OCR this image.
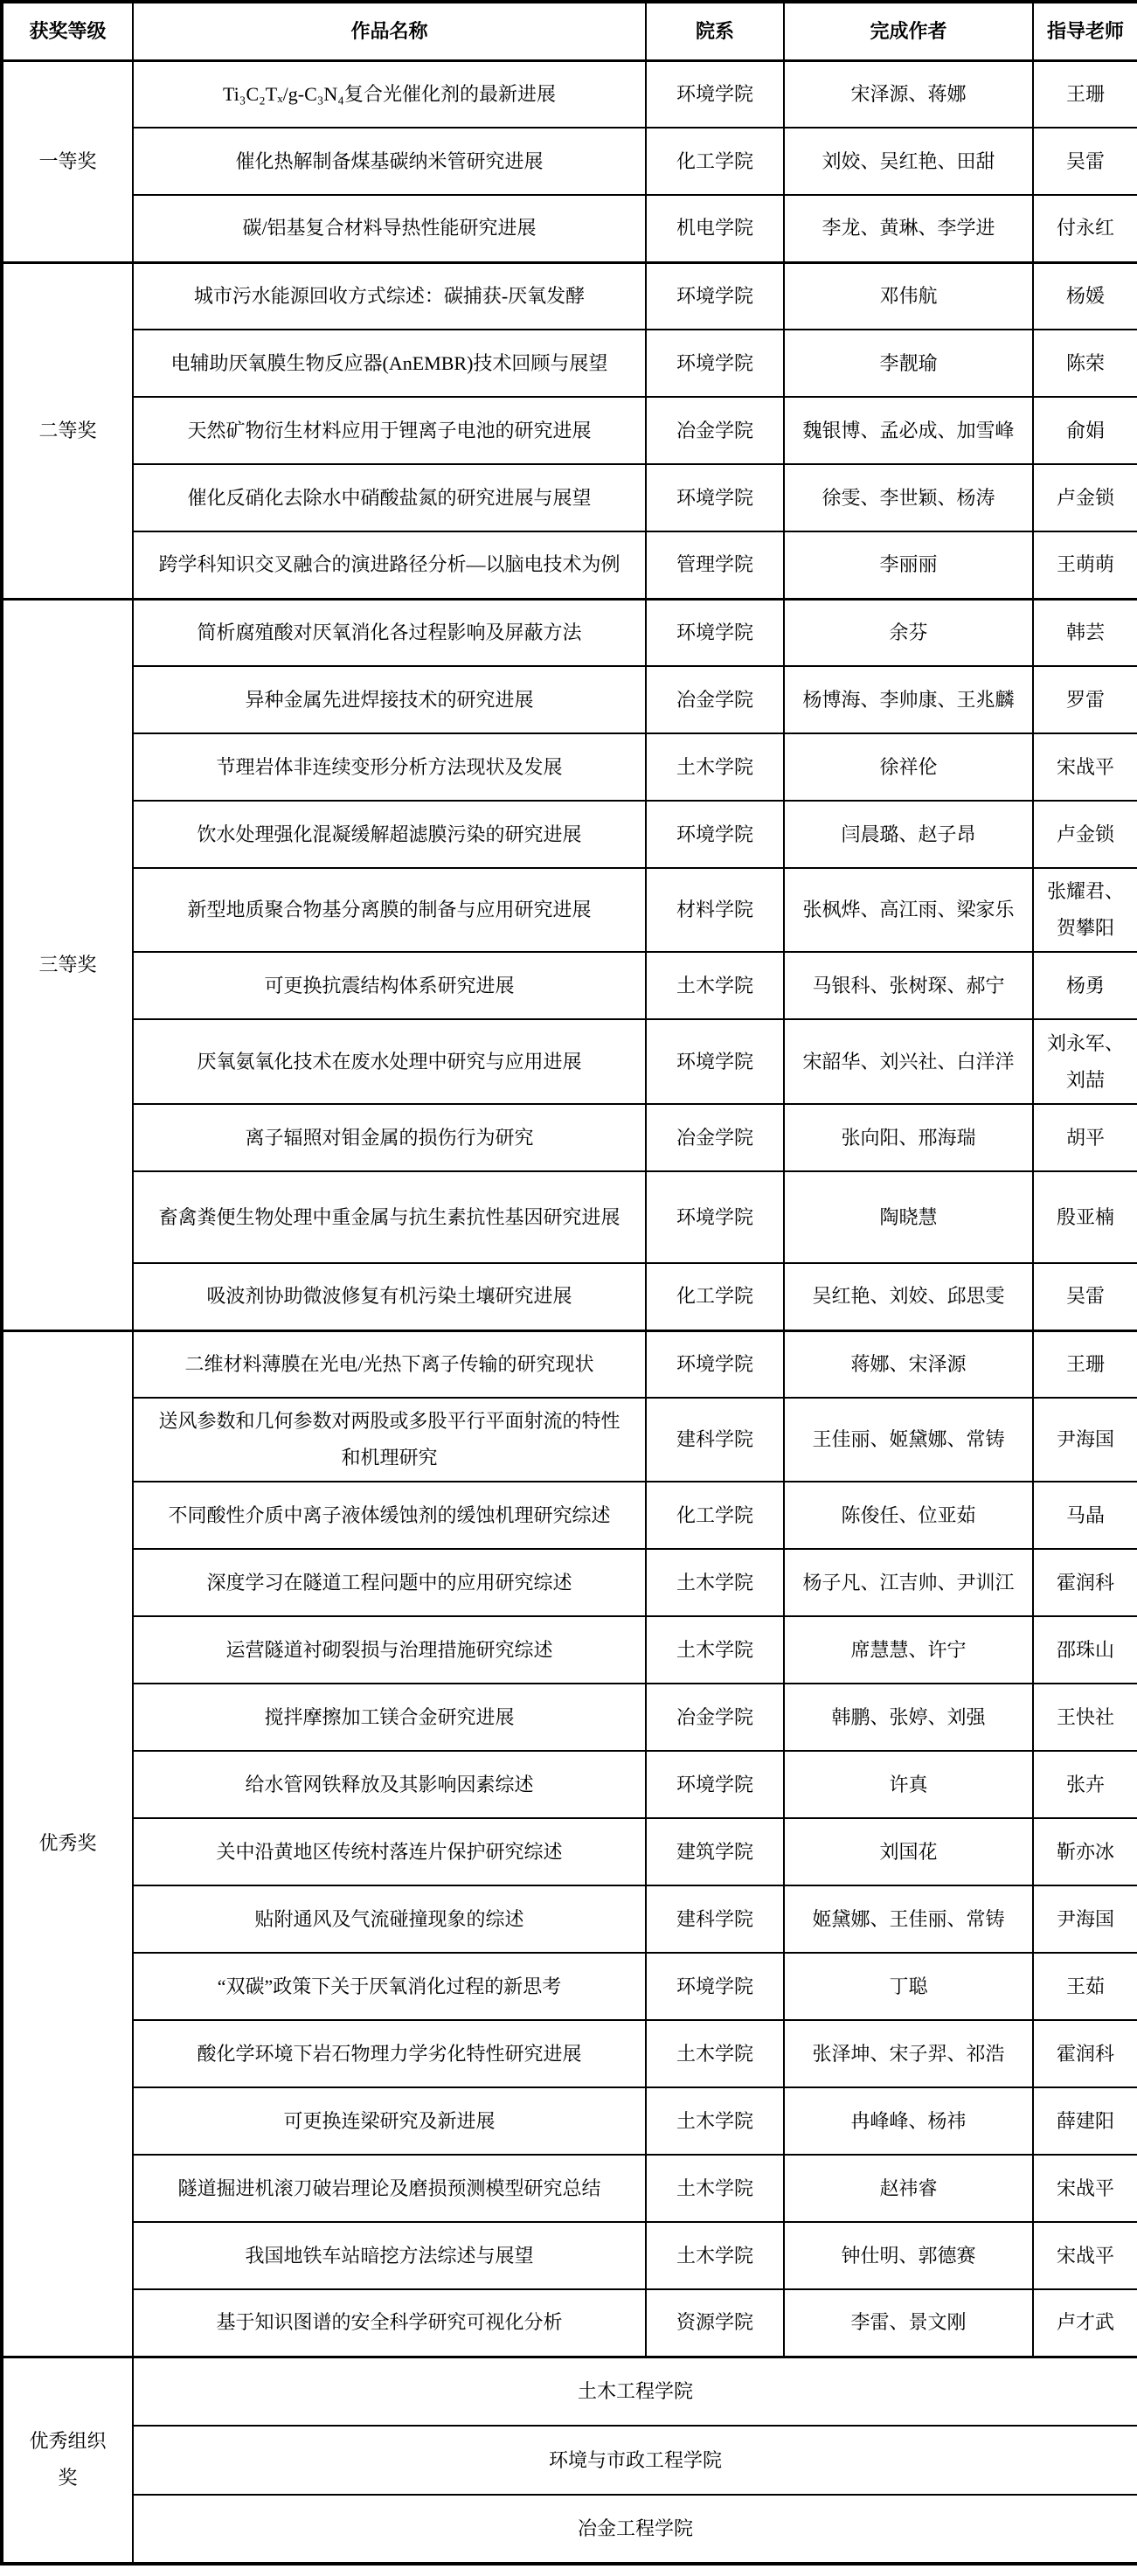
获奖等级	作品名称	院系	完成作者	指导老师
一等奖	Ti₃C₂Tₓ/g-C₃N₄复合光催化剂的最新进展	环境学院	宋泽源、蒋娜	王珊
	催化热解制备煤基碳纳米管研究进展	化工学院	刘姣、吴红艳、田甜	吴雷
	碳/铝基复合材料导热性能研究进展	机电学院	李龙、黄琳、李学进	付永红
二等奖	城市污水能源回收方式综述：碳捕获-厌氧发酵	环境学院	邓伟航	杨媛
	电辅助厌氧膜生物反应器(AnEMBR)技术回顾与展望	环境学院	李靓瑜	陈荣
	天然矿物衍生材料应用于锂离子电池的研究进展	冶金学院	魏银博、孟必成、加雪峰	俞娟
	催化反硝化去除水中硝酸盐氮的研究进展与展望	环境学院	徐雯、李世颖、杨涛	卢金锁
	跨学科知识交叉融合的演进路径分析—以脑电技术为例	管理学院	李丽丽	王萌萌
三等奖	简析腐殖酸对厌氧消化各过程影响及屏蔽方法	环境学院	余芬	韩芸
	异种金属先进焊接技术的研究进展	冶金学院	杨博海、李帅康、王兆麟	罗雷
	节理岩体非连续变形分析方法现状及发展	土木学院	徐祥伦	宋战平
	饮水处理强化混凝缓解超滤膜污染的研究进展	环境学院	闫晨璐、赵子昂	卢金锁
	新型地质聚合物基分离膜的制备与应用研究进展	材料学院	张枫烨、高江雨、梁家乐	张耀君、贺攀阳
	可更换抗震结构体系研究进展	土木学院	马银科、张树琛、郝宁	杨勇
	厌氧氨氧化技术在废水处理中研究与应用进展	环境学院	宋韶华、刘兴社、白洋洋	刘永军、刘喆
	离子辐照对钼金属的损伤行为研究	冶金学院	张向阳、邢海瑞	胡平
	畜禽粪便生物处理中重金属与抗生素抗性基因研究进展	环境学院	陶晓慧	殷亚楠
	吸波剂协助微波修复有机污染土壤研究进展	化工学院	吴红艳、刘姣、邱思雯	吴雷
优秀奖	二维材料薄膜在光电/光热下离子传输的研究现状	环境学院	蒋娜、宋泽源	王珊
	送风参数和几何参数对两股或多股平行平面射流的特性和机理研究	建科学院	王佳丽、姬黛娜、常铸	尹海国
	不同酸性介质中离子液体缓蚀剂的缓蚀机理研究综述	化工学院	陈俊任、位亚茹	马晶
	深度学习在隧道工程问题中的应用研究综述	土木学院	杨子凡、江吉帅、尹训江	霍润科
	运营隧道衬砌裂损与治理措施研究综述	土木学院	席慧慧、许宁	邵珠山
	搅拌摩擦加工镁合金研究进展	冶金学院	韩鹏、张婷、刘强	王快社
	给水管网铁释放及其影响因素综述	环境学院	许真	张卉
	关中沿黄地区传统村落连片保护研究综述	建筑学院	刘国花	靳亦冰
	贴附通风及气流碰撞现象的综述	建科学院	姬黛娜、王佳丽、常铸	尹海国
	“双碳”政策下关于厌氧消化过程的新思考	环境学院	丁聪	王茹
	酸化学环境下岩石物理力学劣化特性研究进展	土木学院	张泽坤、宋子羿、祁浩	霍润科
	可更换连梁研究及新进展	土木学院	冉峰峰、杨祎	薛建阳
	隧道掘进机滚刀破岩理论及磨损预测模型研究总结	土木学院	赵祎睿	宋战平
	我国地铁车站暗挖方法综述与展望	土木学院	钟仕明、郭德赛	宋战平
	基于知识图谱的安全科学研究可视化分析	资源学院	李雷、景文刚	卢才武
优秀组织奖	土木工程学院			
	环境与市政工程学院			
	冶金工程学院			
